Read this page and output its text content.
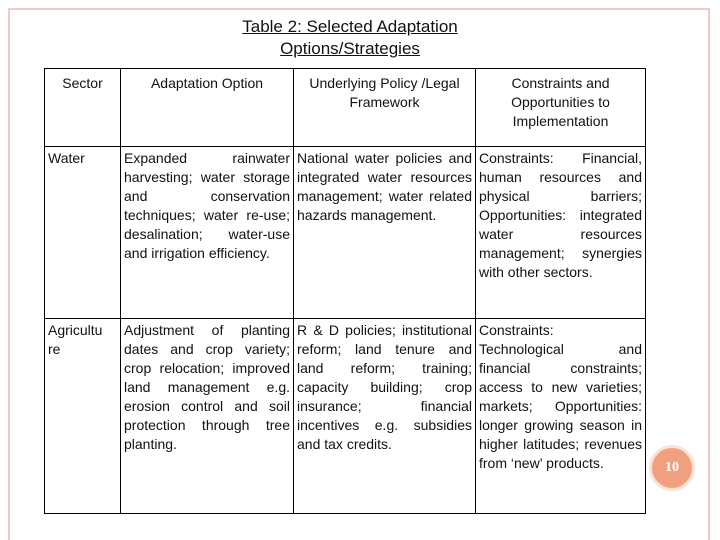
Table 2: Selected Adaptation
Options/Strategies
Sector	Adaptation Option	Underlying Policy /Legal Framework	Constraints and Opportunities to Implementation
Water	Expanded rainwater harvesting; water storage and conservation techniques; water re-use; desalination; water-use and irrigation efficiency.	National water policies and integrated water resources management; water related hazards management.	Constraints: Financial, human resources and physical barriers; Opportunities: integrated water resources management; synergies with other sectors.
Agricultu re	Adjustment of planting dates and crop variety; crop relocation; improved land management e.g. erosion control and soil protection through tree planting.	R & D policies; institutional reform; land tenure and land reform; training; capacity building; crop insurance; financial incentives e.g. subsidies and tax credits.	Constraints: Technological and financial constraints; access to new varieties; markets; Opportunities: longer growing season in higher latitudes; revenues from ‘new’ products.	10
